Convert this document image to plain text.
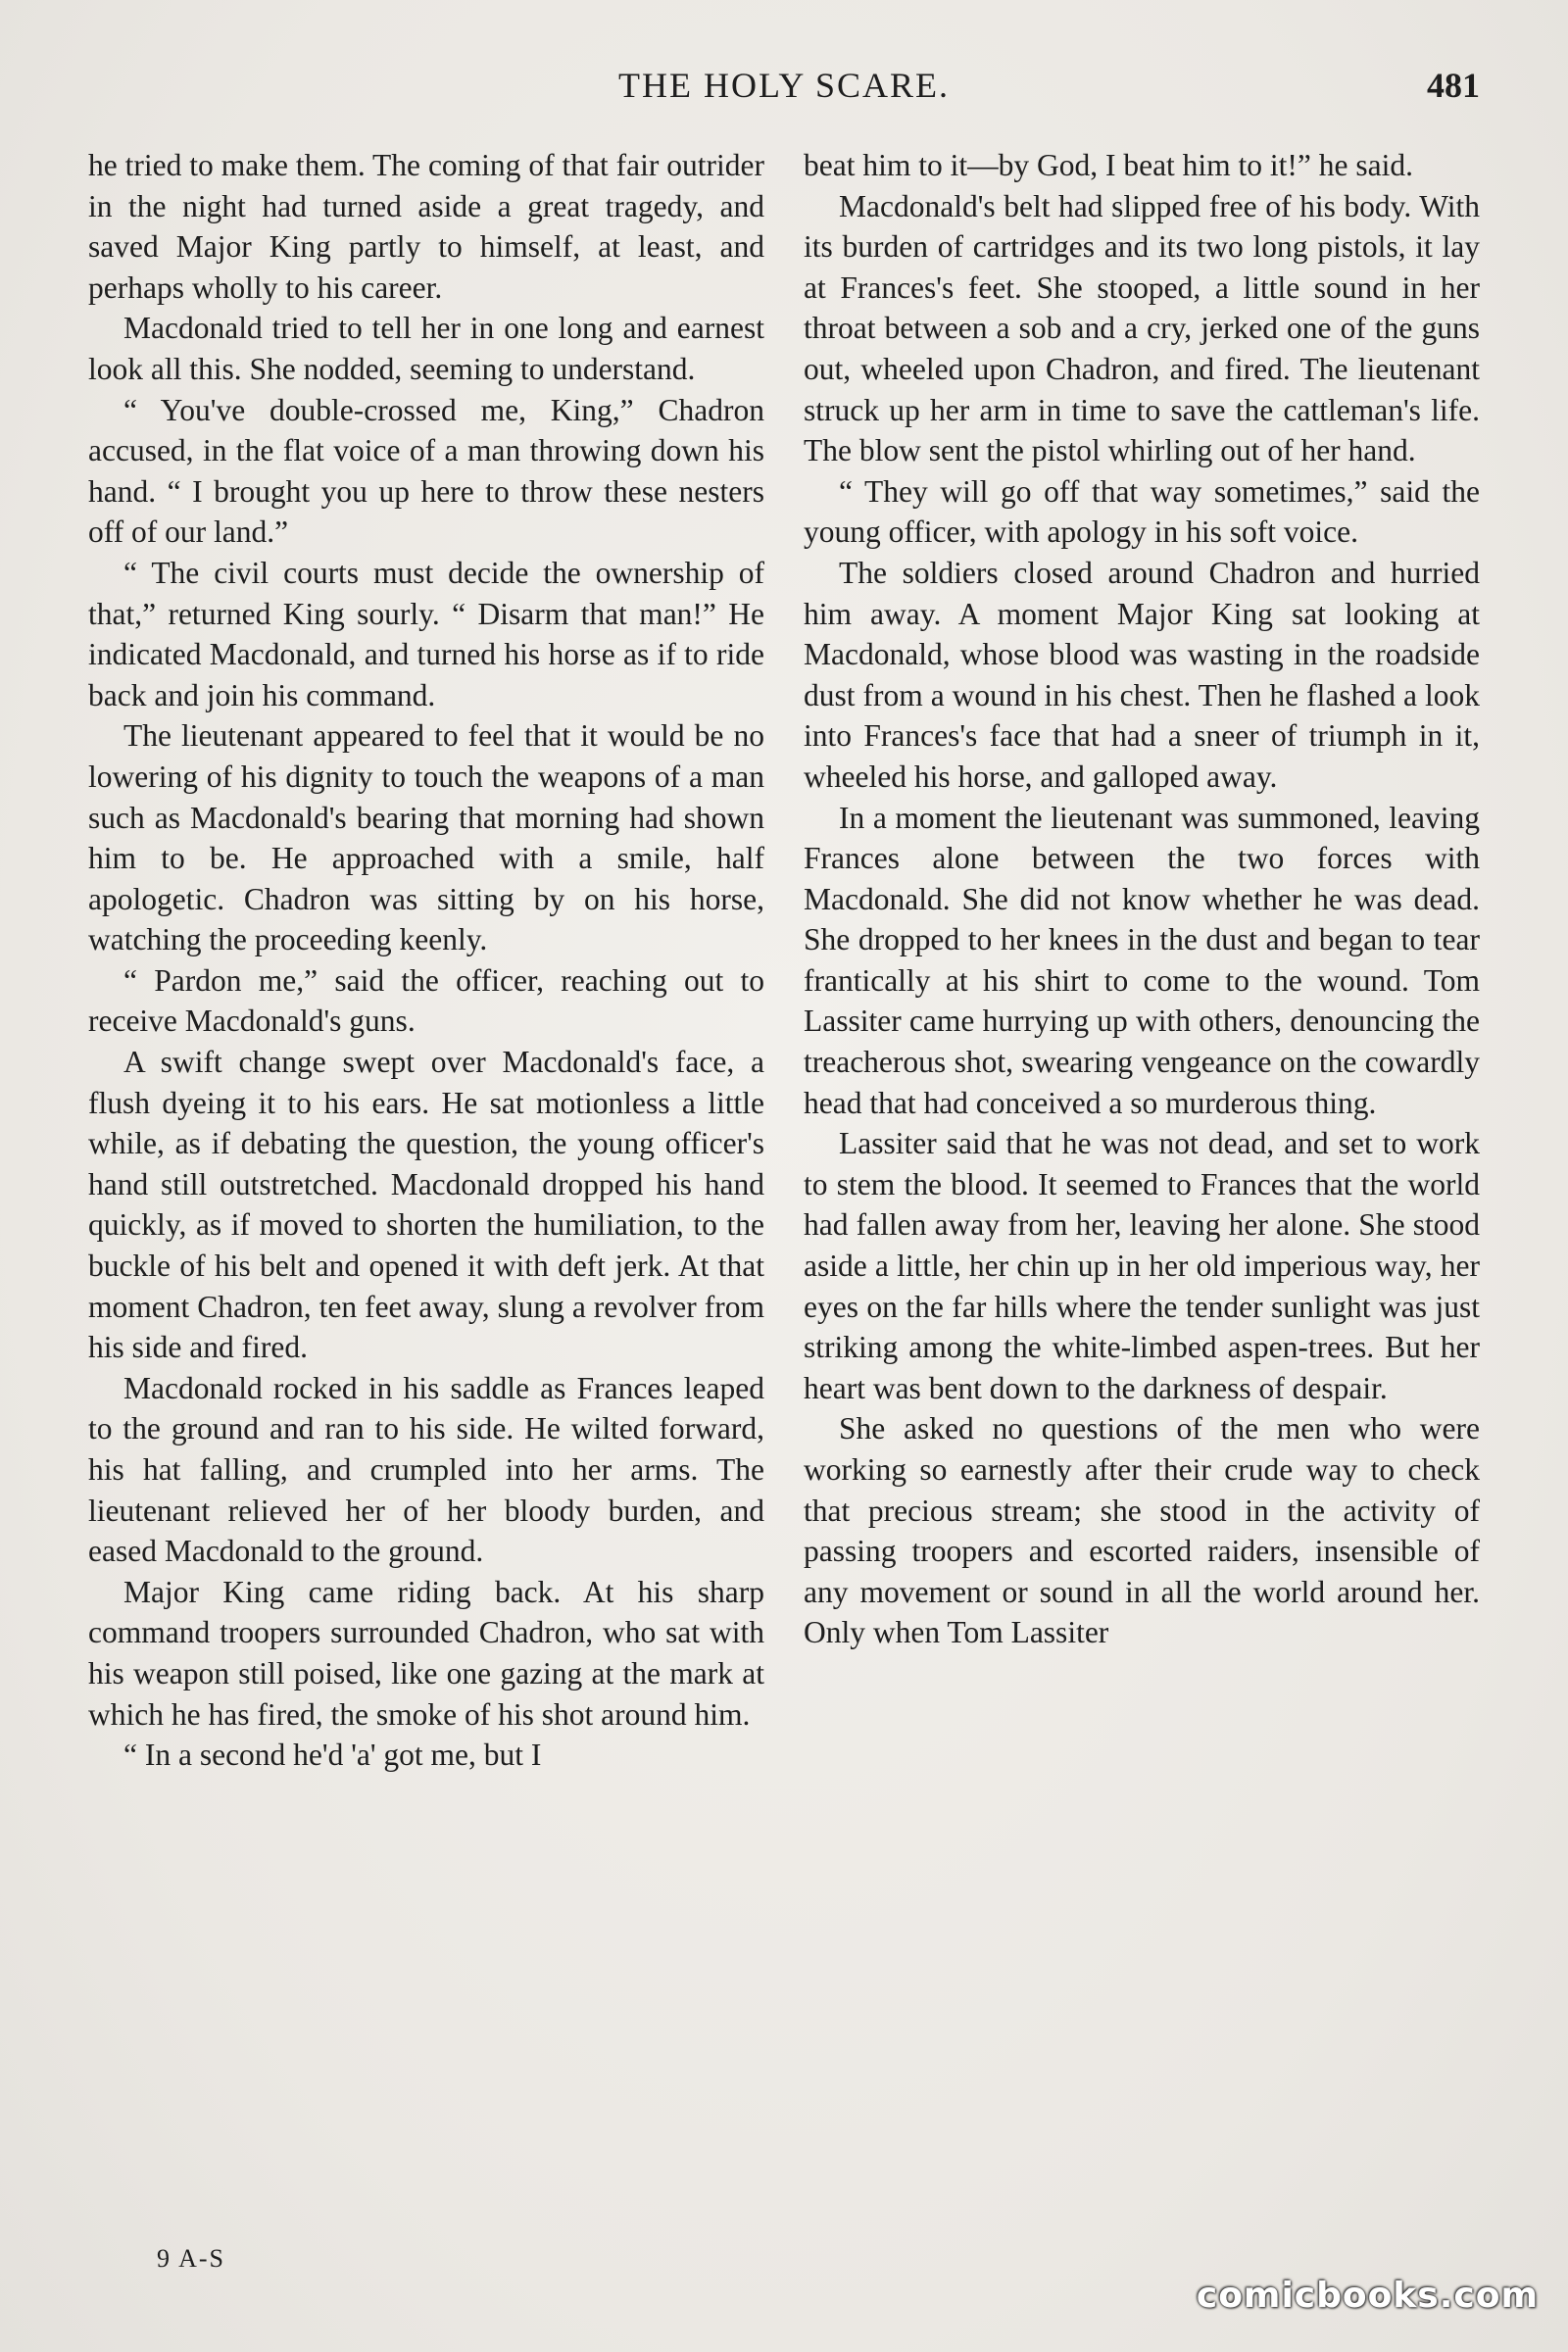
THE HOLY SCARE.	481

he tried to make them. The coming of that fair outrider in the night had turned aside a great tragedy, and saved Major King partly to himself, at least, and perhaps wholly to his career.

Macdonald tried to tell her in one long and earnest look all this. She nodded, seeming to understand.

“ You've double-crossed me, King,” Chadron accused, in the flat voice of a man throwing down his hand. “ I brought you up here to throw these nesters off of our land.”

“ The civil courts must decide the ownership of that,” returned King sourly. “ Disarm that man!” He indicated Macdonald, and turned his horse as if to ride back and join his command.

The lieutenant appeared to feel that it would be no lowering of his dignity to touch the weapons of a man such as Macdonald's bearing that morning had shown him to be. He approached with a smile, half apologetic. Chadron was sitting by on his horse, watching the proceeding keenly.

“ Pardon me,” said the officer, reaching out to receive Macdonald's guns.

A swift change swept over Macdonald's face, a flush dyeing it to his ears. He sat motionless a little while, as if debating the question, the young officer's hand still outstretched. Macdonald dropped his hand quickly, as if moved to shorten the humiliation, to the buckle of his belt and opened it with deft jerk. At that moment Chadron, ten feet away, slung a revolver from his side and fired.

Macdonald rocked in his saddle as Frances leaped to the ground and ran to his side. He wilted forward, his hat falling, and crumpled into her arms. The lieutenant relieved her of her bloody burden, and eased Macdonald to the ground.

Major King came riding back. At his sharp command troopers surrounded Chadron, who sat with his weapon still poised, like one gazing at the mark at which he has fired, the smoke of his shot around him.

“ In a second he'd 'a' got me, but I

beat him to it—by God, I beat him to it!” he said.

Macdonald's belt had slipped free of his body. With its burden of cartridges and its two long pistols, it lay at Frances's feet. She stooped, a little sound in her throat between a sob and a cry, jerked one of the guns out, wheeled upon Chadron, and fired. The lieutenant struck up her arm in time to save the cattleman's life. The blow sent the pistol whirling out of her hand.

“ They will go off that way sometimes,” said the young officer, with apology in his soft voice.

The soldiers closed around Chadron and hurried him away. A moment Major King sat looking at Macdonald, whose blood was wasting in the roadside dust from a wound in his chest. Then he flashed a look into Frances's face that had a sneer of triumph in it, wheeled his horse, and galloped away.

In a moment the lieutenant was summoned, leaving Frances alone between the two forces with Macdonald. She did not know whether he was dead. She dropped to her knees in the dust and began to tear frantically at his shirt to come to the wound. Tom Lassiter came hurrying up with others, denouncing the treacherous shot, swearing vengeance on the cowardly head that had conceived a so murderous thing.

Lassiter said that he was not dead, and set to work to stem the blood. It seemed to Frances that the world had fallen away from her, leaving her alone. She stood aside a little, her chin up in her old imperious way, her eyes on the far hills where the tender sunlight was just striking among the white-limbed aspen-trees. But her heart was bent down to the darkness of despair.

She asked no questions of the men who were working so earnestly after their crude way to check that precious stream; she stood in the activity of passing troopers and escorted raiders, insensible of any movement or sound in all the world around her. Only when Tom Lassiter

9 A-S
comicbooks.com
